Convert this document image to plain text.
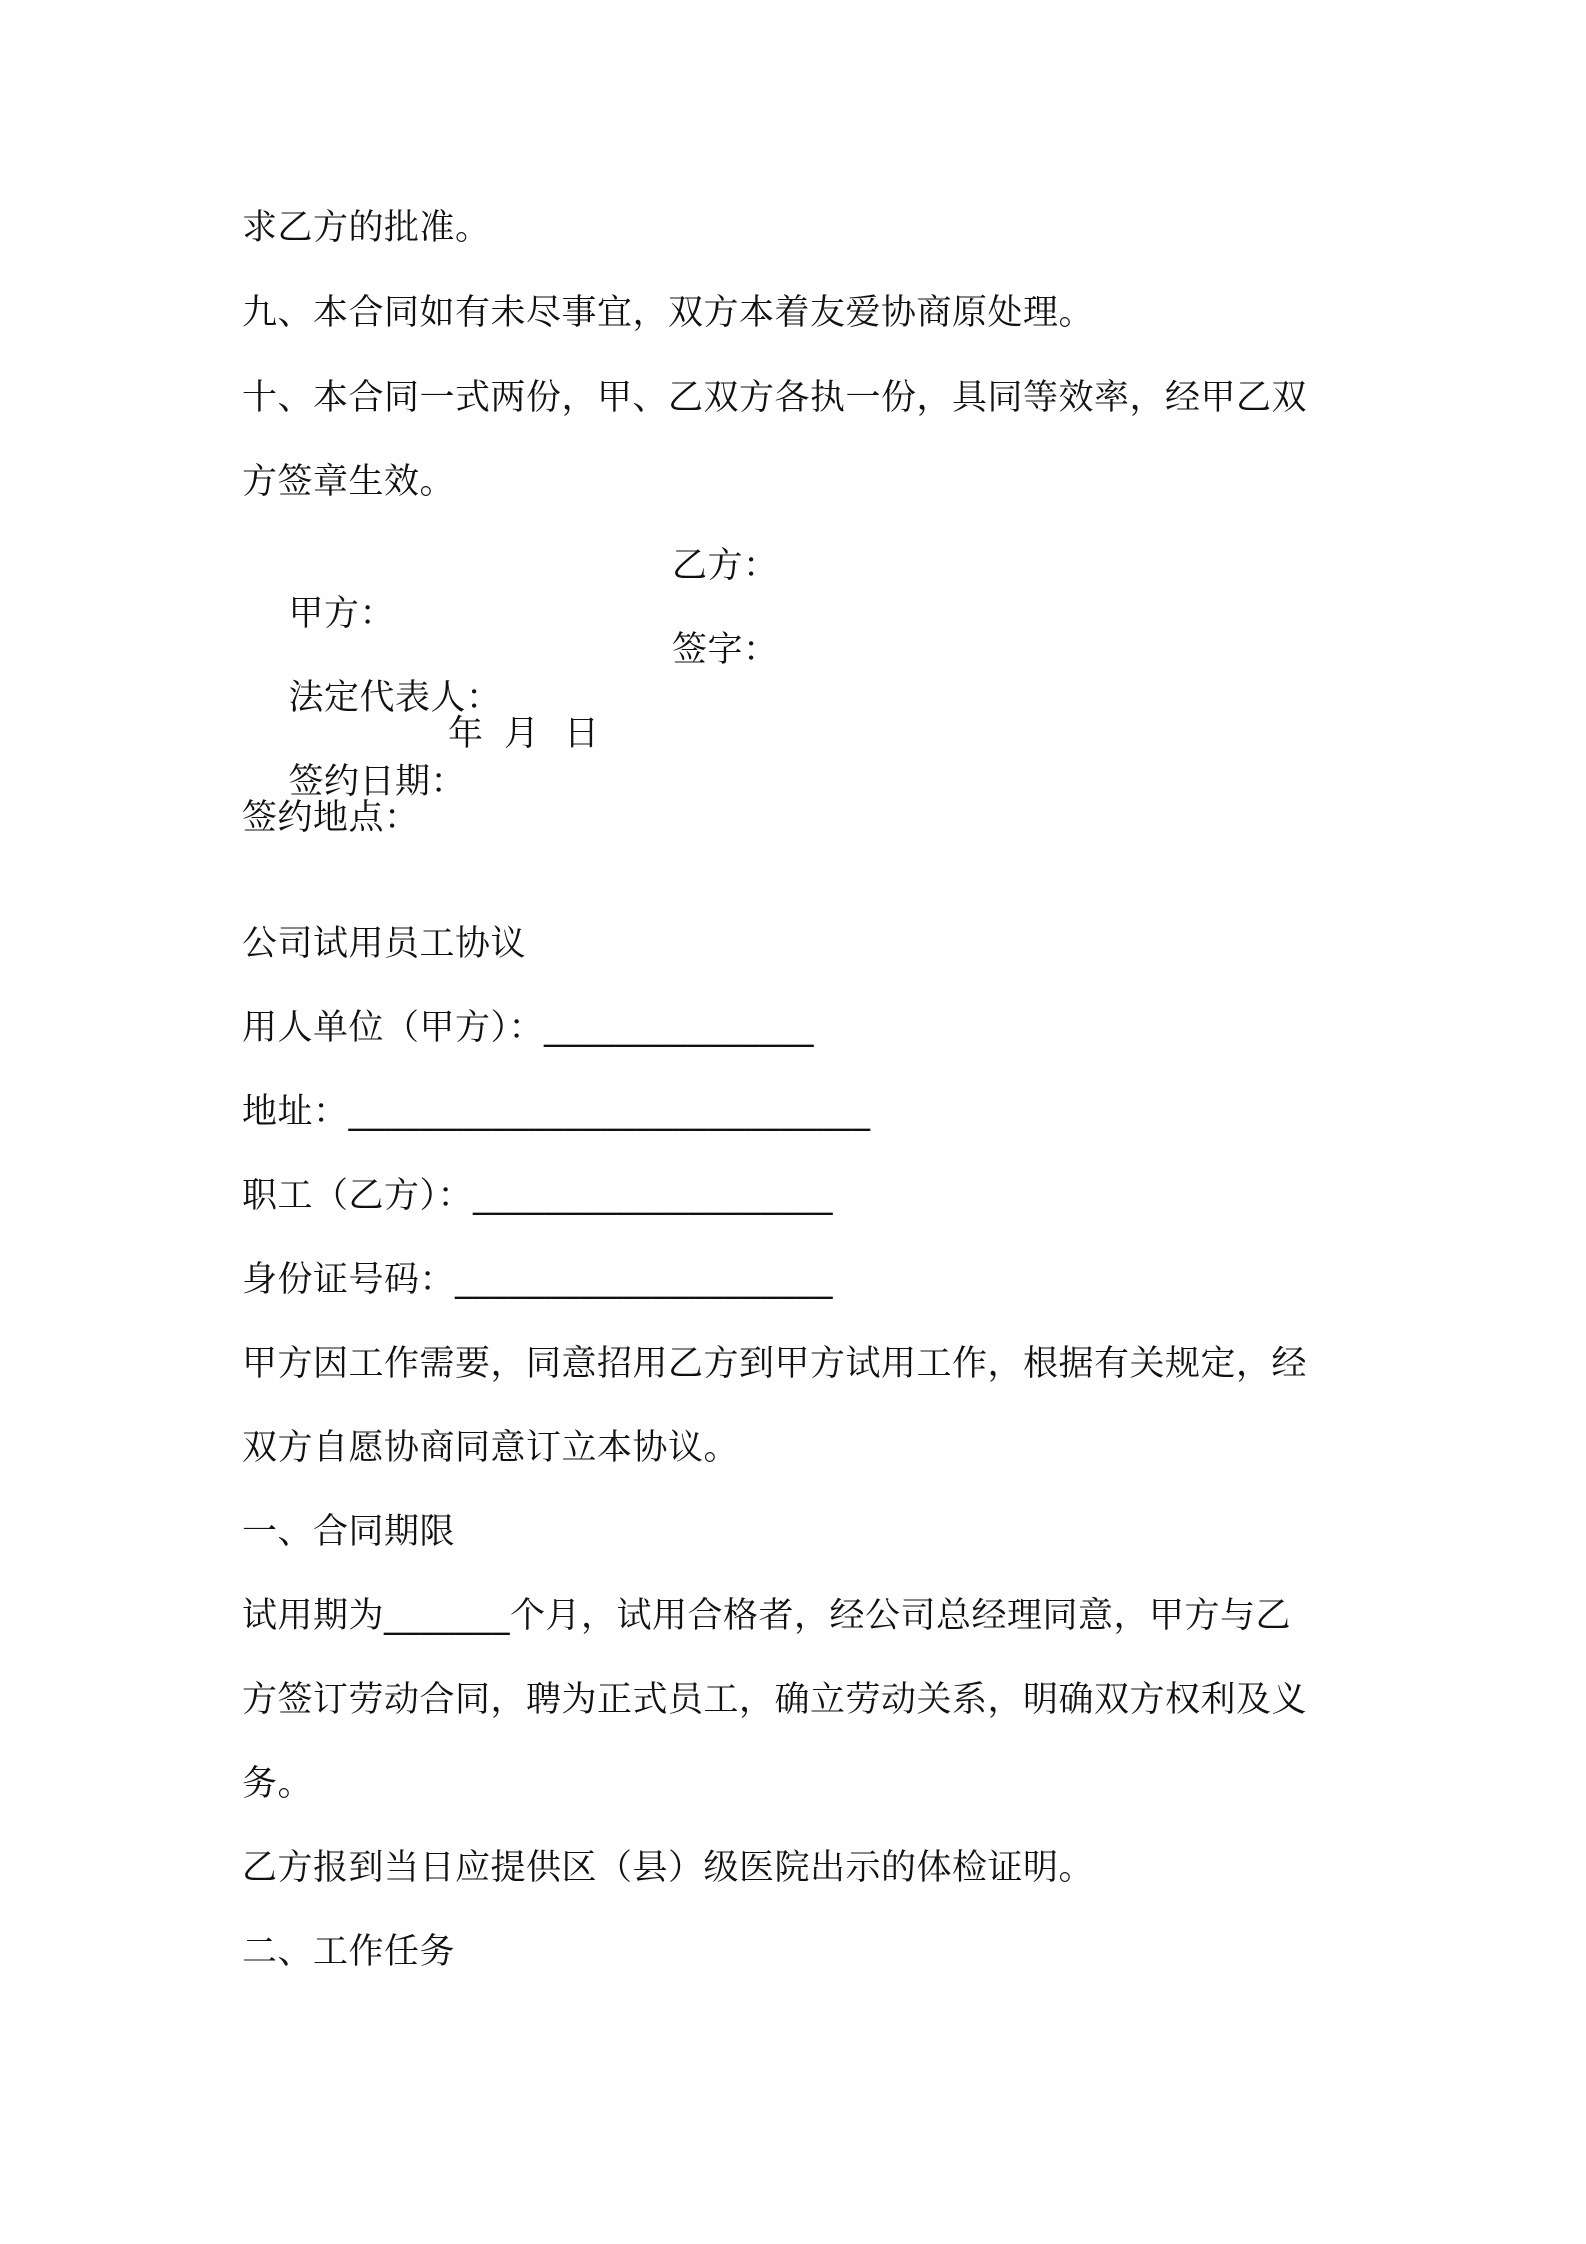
求乙方的批准。
九、本合同如有未尽事宜，双方本着友爱协商原处理。
十、本合同一式两份，甲、乙双方各执一份，具同等效率，经甲乙双
方签章生效。

甲方：

乙方：

法定代表人：

签字：

签约日期：

年

月

日

签约地点：
公司试用员工协议
用人单位（甲方）：_______________
地址：_____________________________
职工（乙方）：____________________
身份证号码：_____________________
甲方因工作需要，同意招用乙方到甲方试用工作，根据有关规定，经
双方自愿协商同意订立本协议。
一、合同期限
试用期为_______个月，试用合格者，经公司总经理同意，甲方与乙
方签订劳动合同，聘为正式员工，确立劳动关系，明确双方权利及义
务。
乙方报到当日应提供区（县）级医院出示的体检证明。
二、工作任务
